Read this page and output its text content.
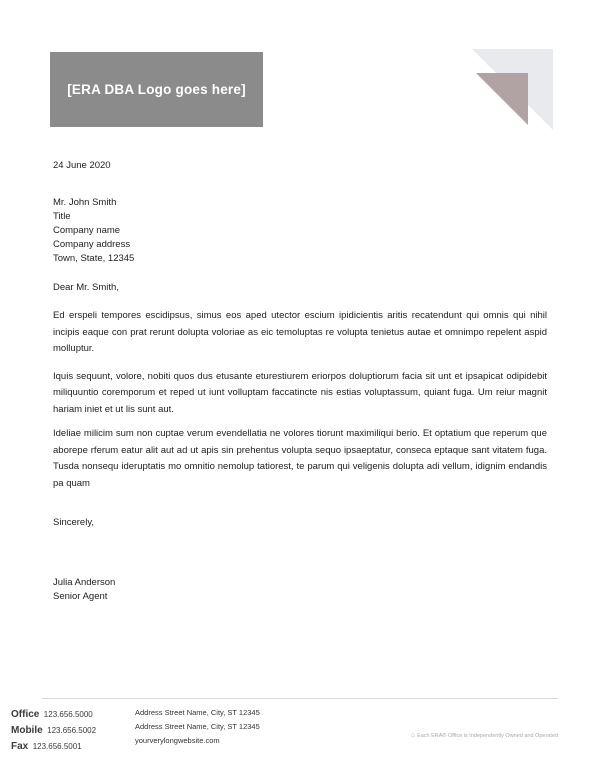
[ERA DBA Logo goes here]
24 June 2020
Mr. John Smith
Title
Company name
Company address
Town, State, 12345
Dear Mr. Smith,
Ed erspeli tempores escidipsus, simus eos aped utector escium ipidicientis aritis recatendunt qui omnis qui nihil incipis eaque con prat rerunt dolupta voloriae as eic temoluptas re volupta tenietus autae et omnimpo repelent aspid molluptur.
Iquis sequunt, volore, nobiti quos dus etusante eturestiurem eriorpos doluptiorum facia sit unt et ipsapicat odipidebit miliquuntio coremporum et reped ut iunt volluptam faccatincte nis estias voluptassum, quiant fuga. Um reiur magnit hariam iniet et ut lis sunt aut.
Ideliae milicim sum non cuptae verum evendellatia ne volores tiorunt maximiliqui berio. Et optatium que reperum que aborepe rferum eatur alit aut ad ut apis sin prehentus volupta sequo ipsaeptatur, conseca eptaque sant vitatem fuga. Tusda nonsequ ideruptatis mo omnitio nemolup tatiorest, te parum qui veligenis dolupta adi vellum, idignim endandis pa quam
Sincerely,
Julia Anderson
Senior Agent
Office 123.656.5000
Mobile 123.656.5002
Fax 123.656.5001
Address Street Name, City, ST 12345
Address Street Name, City, ST 12345
yourverylongwebsite.com
⌂ Each ERA® Office is Independently Owned and Operated
